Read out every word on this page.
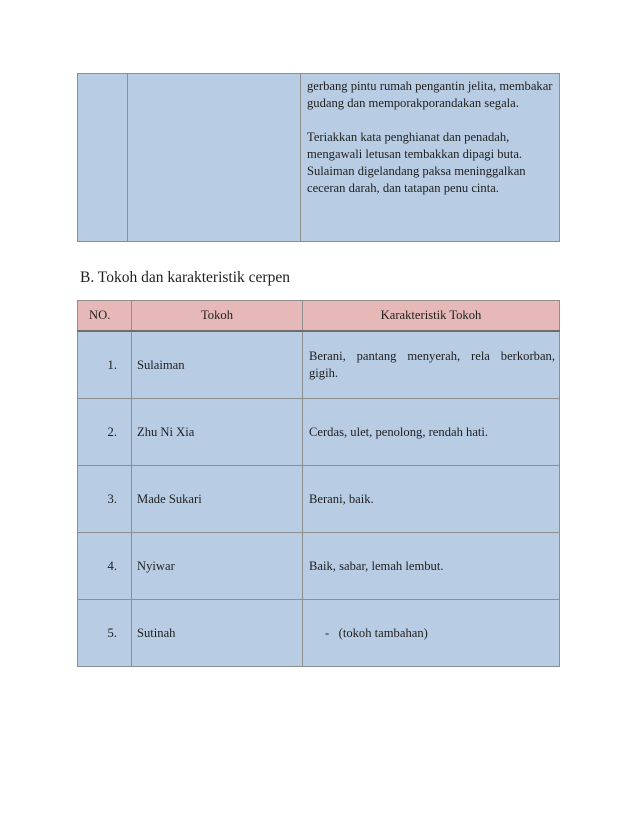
gerbang pintu rumah pengantin jelita, membakar gudang dan memporakporandakan segala.

Teriakkan kata penghianat dan penadah, mengawali letusan tembakkan dipagi buta. Sulaiman digelandang paksa meninggalkan ceceran darah, dan tatapan penu cinta.

B. Tokoh dan karakteristik cerpen
NO.	Tokoh	Karakteristik Tokoh
1.	Sulaiman	Berani, pantang menyerah, rela berkorban, gigih.
2.	Zhu Ni Xia	Cerdas, ulet, penolong, rendah hati.
3.	Made Sukari	Berani, baik.
4.	Nyiwar	Baik, sabar, lemah lembut.
5.	Sutinah	-   (tokoh tambahan)
